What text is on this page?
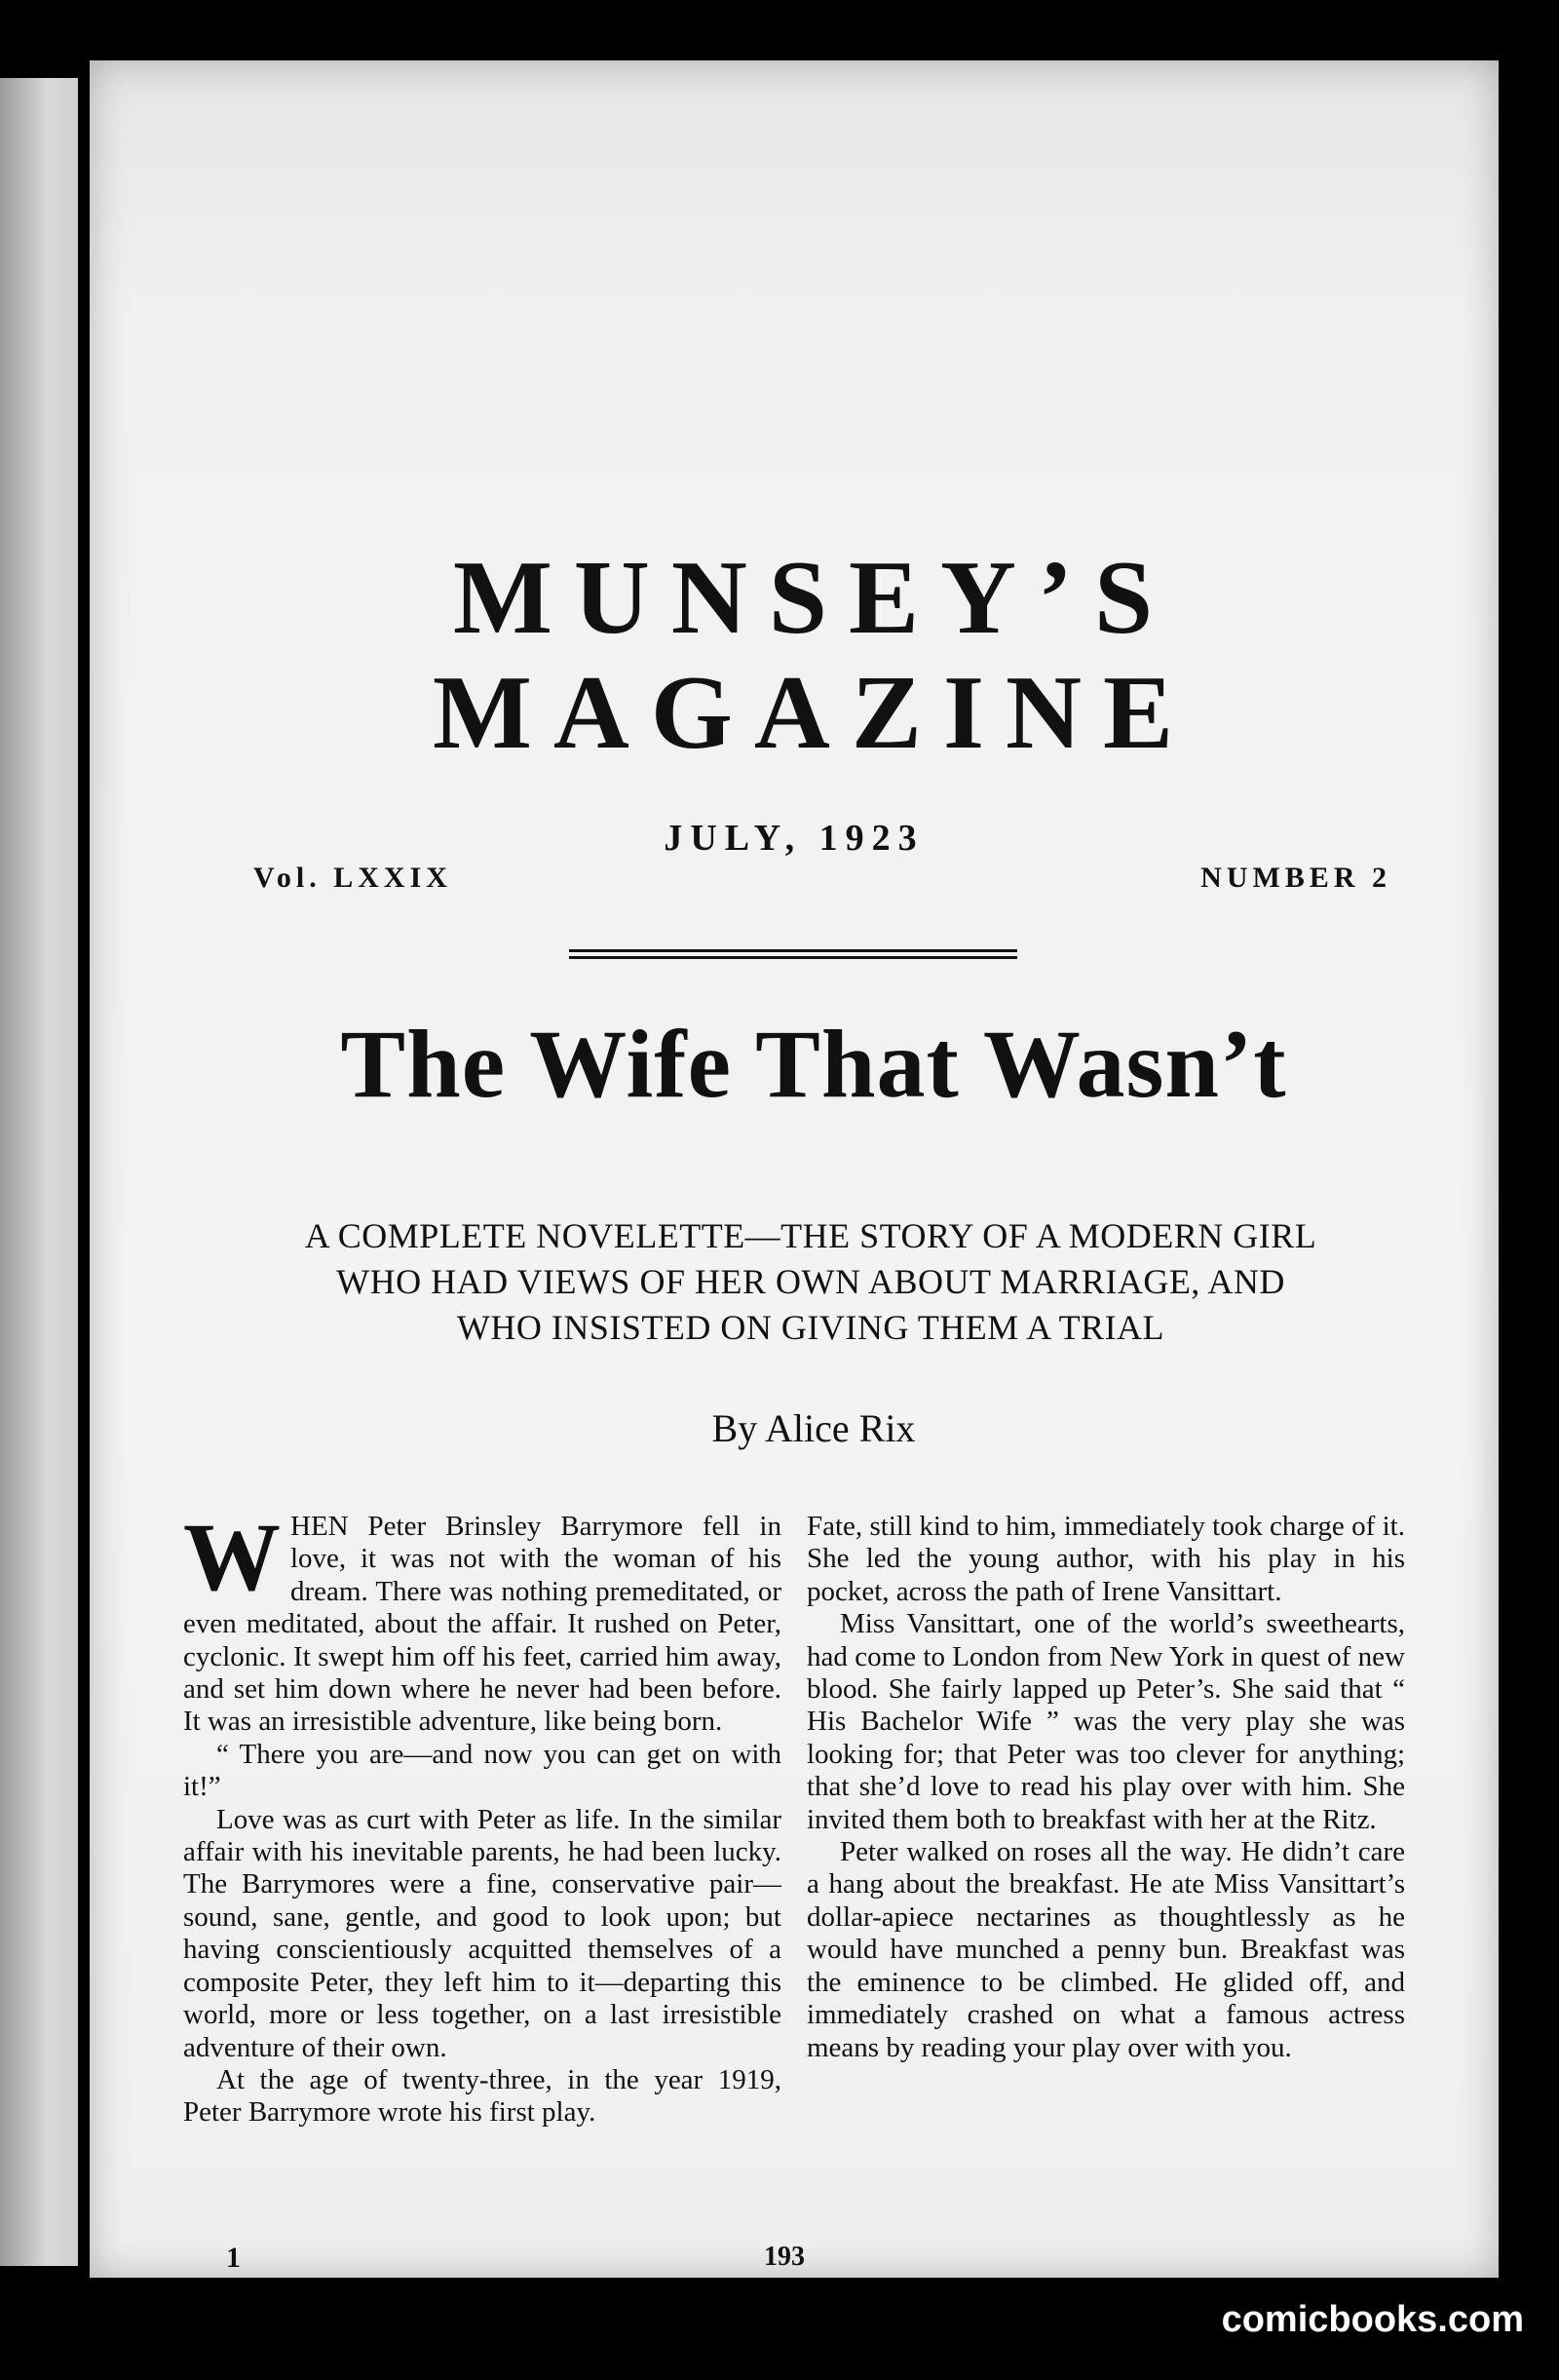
MUNSEY’S
MAGAZINE
JULY, 1923
Vol. LXXIX	NUMBER 2
The Wife That Wasn’t
A COMPLETE NOVELETTE—THE STORY OF A MODERN GIRL
WHO HAD VIEWS OF HER OWN ABOUT MARRIAGE, AND
WHO INSISTED ON GIVING THEM A TRIAL
By Alice Rix

WHEN Peter Brinsley Barrymore fell in love, it was not with the woman of his dream. There was nothing premeditated, or even meditated, about the affair. It rushed on Peter, cyclonic. It swept him off his feet, carried him away, and set him down where he never had been before. It was an irresistible adventure, like being born.

“ There you are—and now you can get on with it!”

Love was as curt with Peter as life. In the similar affair with his inevitable parents, he had been lucky. The Barrymores were a fine, conservative pair—sound, sane, gentle, and good to look upon; but having conscientiously acquitted themselves of a composite Peter, they left him to it—departing this world, more or less together, on a last irresistible adventure of their own.

At the age of twenty-three, in the year 1919, Peter Barrymore wrote his first play.

Fate, still kind to him, immediately took charge of it. She led the young author, with his play in his pocket, across the path of Irene Vansittart.

Miss Vansittart, one of the world’s sweethearts, had come to London from New York in quest of new blood. She fairly lapped up Peter’s. She said that “ His Bachelor Wife ” was the very play she was looking for; that Peter was too clever for anything; that she’d love to read his play over with him. She invited them both to breakfast with her at the Ritz.

Peter walked on roses all the way. He didn’t care a hang about the breakfast. He ate Miss Vansittart’s dollar-apiece nectarines as thoughtlessly as he would have munched a penny bun. Breakfast was the eminence to be climbed. He glided off, and immediately crashed on what a famous actress means by reading your play over with you.

1	193
comicbooks.com
